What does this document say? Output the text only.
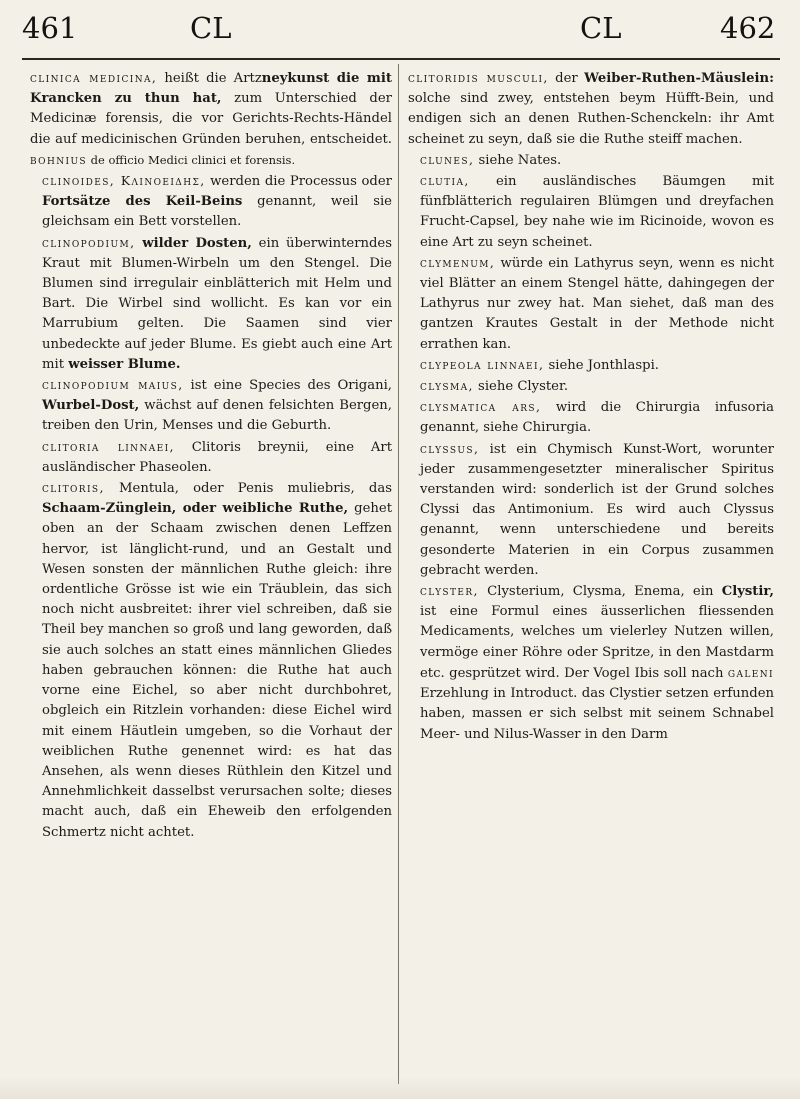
461	CL	CL	462

clinica medicina, heißt die Artzneykunst die mit Krancken zu thun hat, zum Unterschied der Medicinæ forensis, die vor Gerichts-Rechts-Händel die auf medicinischen Gründen beruhen, entscheidet. bohnius de officio Medici clinici et forensis.

clinoides, Κλινοειδης, werden die Processus oder Fortsätze des Keil-Beins genannt, weil sie gleichsam ein Bett vorstellen.

clinopodium, wilder Dosten, ein überwinterndes Kraut mit Blumen-Wirbeln um den Stengel. Die Blumen sind irregulair einblätterich mit Helm und Bart. Die Wirbel sind wollicht. Es kan vor ein Marrubium gelten. Die Saamen sind vier unbedeckte auf jeder Blume. Es giebt auch eine Art mit weisser Blume.

clinopodium maius, ist eine Species des Origani, Wurbel-Dost, wächst auf denen felsichten Bergen, treiben den Urin, Menses und die Geburth.

clitoria linnaei, Clitoris breynii, eine Art ausländischer Phaseolen.

clitoris, Mentula, oder Penis muliebris, das Schaam-Zünglein, oder weibliche Ruthe, gehet oben an der Schaam zwischen denen Leffzen hervor, ist länglicht-rund, und an Gestalt und Wesen sonsten der männlichen Ruthe gleich: ihre ordentliche Grösse ist wie ein Träublein, das sich noch nicht ausbreitet: ihrer viel schreiben, daß sie Theil bey manchen so groß und lang geworden, daß sie auch solches an statt eines männlichen Gliedes haben gebrauchen können: die Ruthe hat auch vorne eine Eichel, so aber nicht durchbohret, obgleich ein Ritzlein vorhanden: diese Eichel wird mit einem Häutlein umgeben, so die Vorhaut der weiblichen Ruthe genennet wird: es hat das Ansehen, als wenn dieses Rüthlein den Kitzel und Annehmlichkeit dasselbst verursachen solte; dieses macht auch, daß ein Eheweib den erfolgenden Schmertz nicht achtet.

clitoridis musculi, der Weiber-Ruthen-Mäuslein: solche sind zwey, entstehen beym Hüfft-Bein, und endigen sich an denen Ruthen-Schenckeln: ihr Amt scheinet zu seyn, daß sie die Ruthe steiff machen.

clunes, siehe Nates.

clutia, ein ausländisches Bäumgen mit fünfblätterich regulairen Blümgen und dreyfachen Frucht-Capsel, bey nahe wie im Ricinoide, wovon es eine Art zu seyn scheinet.

clymenum, würde ein Lathyrus seyn, wenn es nicht viel Blätter an einem Stengel hätte, dahingegen der Lathyrus nur zwey hat. Man siehet, daß man des gantzen Krautes Gestalt in der Methode nicht errathen kan.

clypeola linnaei, siehe Jonthlaspi.

clysma, siehe Clyster.

clysmatica ars, wird die Chirurgia infusoria genannt, siehe Chirurgia.

clyssus, ist ein Chymisch Kunst-Wort, worunter jeder zusammengesetzter mineralischer Spiritus verstanden wird: sonderlich ist der Grund solches Clyssi das Antimonium. Es wird auch Clyssus genannt, wenn unterschiedene und bereits gesonderte Materien in ein Corpus zusammen gebracht werden.

clyster, Clysterium, Clysma, Enema, ein Clystir, ist eine Formul eines äusserlichen fliessenden Medicaments, welches um vielerley Nutzen willen, vermöge einer Röhre oder Spritze, in den Mastdarm etc. gesprützet wird. Der Vogel Ibis soll nach galeni Erzehlung in Introduct. das Clystier setzen erfunden haben, massen er sich selbst mit seinem Schnabel Meer- und Nilus-Wasser in den Darm
